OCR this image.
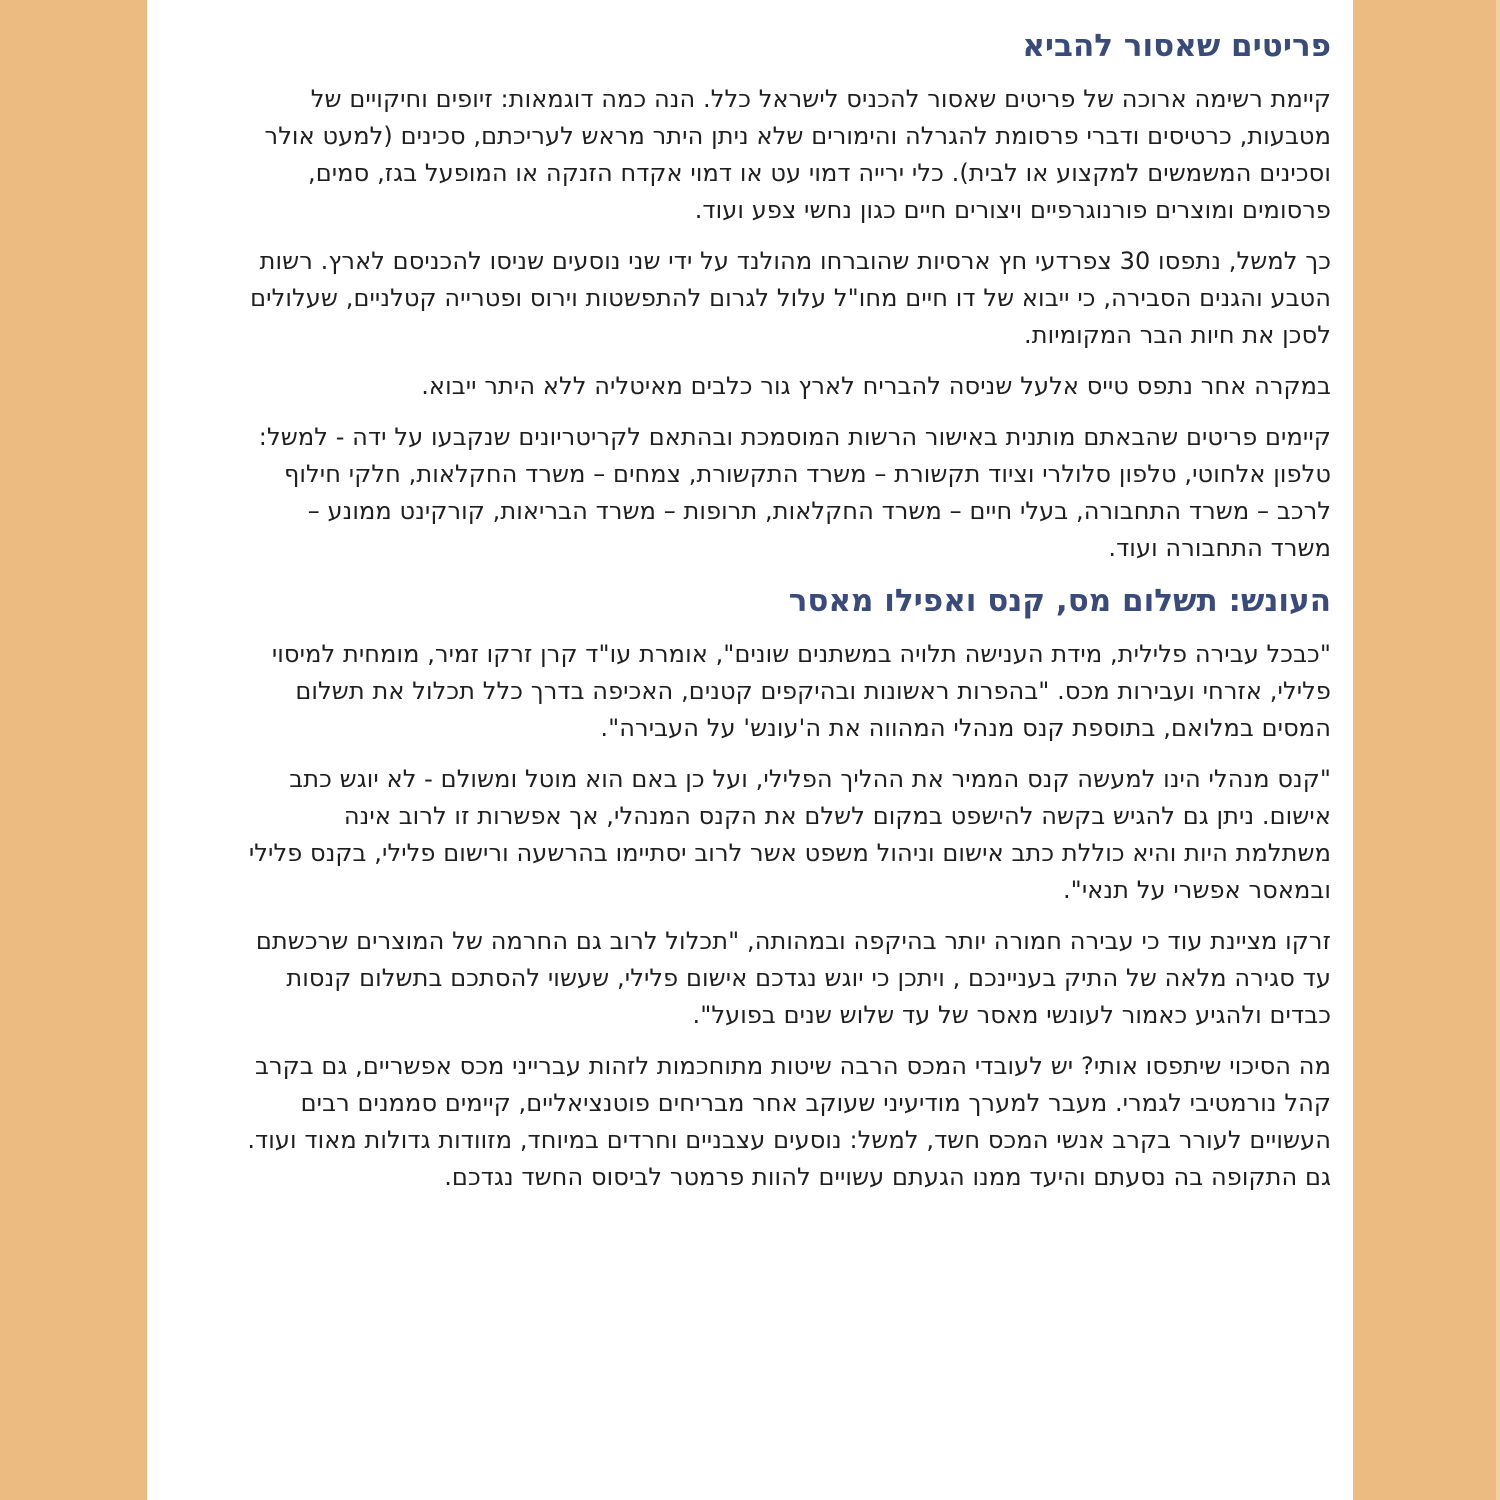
פריטים שאסור להביא

קיימת רשימה ארוכה של פריטים שאסור להכניס לישראל כלל. הנה כמה דוגמאות: זיופים וחיקויים של מטבעות, כרטיסים ודברי פרסומת להגרלה והימורים שלא ניתן היתר מראש לעריכתם, סכינים (למעט אולר וסכינים המשמשים למקצוע או לבית). כלי ירייה דמוי עט או דמוי אקדח הזנקה או המופעל בגז, סמים, פרסומים ומוצרים פורנוגרפיים ויצורים חיים כגון נחשי צפע ועוד.

כך למשל, נתפסו 30 צפרדעי חץ ארסיות שהוברחו מהולנד על ידי שני נוסעים שניסו להכניסם לארץ. רשות הטבע והגנים הסבירה, כי ייבוא של דו חיים מחו"ל עלול לגרום להתפשטות וירוס ופטרייה קטלניים, שעלולים לסכן את חיות הבר המקומיות.

במקרה אחר נתפס טייס אלעל שניסה להבריח לארץ גור כלבים מאיטליה ללא היתר ייבוא.

קיימים פריטים שהבאתם מותנית באישור הרשות המוסמכת ובהתאם לקריטריונים שנקבעו על ידה - למשל: טלפון אלחוטי, טלפון סלולרי וציוד תקשורת – משרד התקשורת, צמחים – משרד החקלאות, חלקי חילוף לרכב – משרד התחבורה, בעלי חיים – משרד החקלאות, תרופות – משרד הבריאות, קורקינט ממונע – משרד התחבורה ועוד.

העונש: תשלום מס, קנס ואפילו מאסר

"כבכל עבירה פלילית, מידת הענישה תלויה במשתנים שונים", אומרת עו"ד קרן זרקו זמיר, מומחית למיסוי פלילי, אזרחי ועבירות מכס. "בהפרות ראשונות ובהיקפים קטנים, האכיפה בדרך כלל תכלול את תשלום המסים במלואם, בתוספת קנס מנהלי המהווה את ה'עונש' על העבירה".

"קנס מנהלי הינו למעשה קנס הממיר את ההליך הפלילי, ועל כן באם הוא מוטל ומשולם - לא יוגש כתב אישום. ניתן גם להגיש בקשה להישפט במקום לשלם את הקנס המנהלי, אך אפשרות זו לרוב אינה משתלמת היות והיא כוללת כתב אישום וניהול משפט אשר לרוב יסתיימו בהרשעה ורישום פלילי, בקנס פלילי ובמאסר אפשרי על תנאי".

זרקו מציינת עוד כי עבירה חמורה יותר בהיקפה ובמהותה, "תכלול לרוב גם החרמה של המוצרים שרכשתם עד סגירה מלאה של התיק בעניינכם , ויתכן כי יוגש נגדכם אישום פלילי, שעשוי להסתכם בתשלום קנסות כבדים ולהגיע כאמור לעונשי מאסר של עד שלוש שנים בפועל".

מה הסיכוי שיתפסו אותי? יש לעובדי המכס הרבה שיטות מתוחכמות לזהות עברייני מכס אפשריים, גם בקרב קהל נורמטיבי לגמרי. מעבר למערך מודיעיני שעוקב אחר מבריחים פוטנציאליים, קיימים סממנים רבים העשויים לעורר בקרב אנשי המכס חשד, למשל: נוסעים עצבניים וחרדים במיוחד, מזוודות גדולות מאוד ועוד. גם התקופה בה נסעתם והיעד ממנו הגעתם עשויים להוות פרמטר לביסוס החשד נגדכם.
